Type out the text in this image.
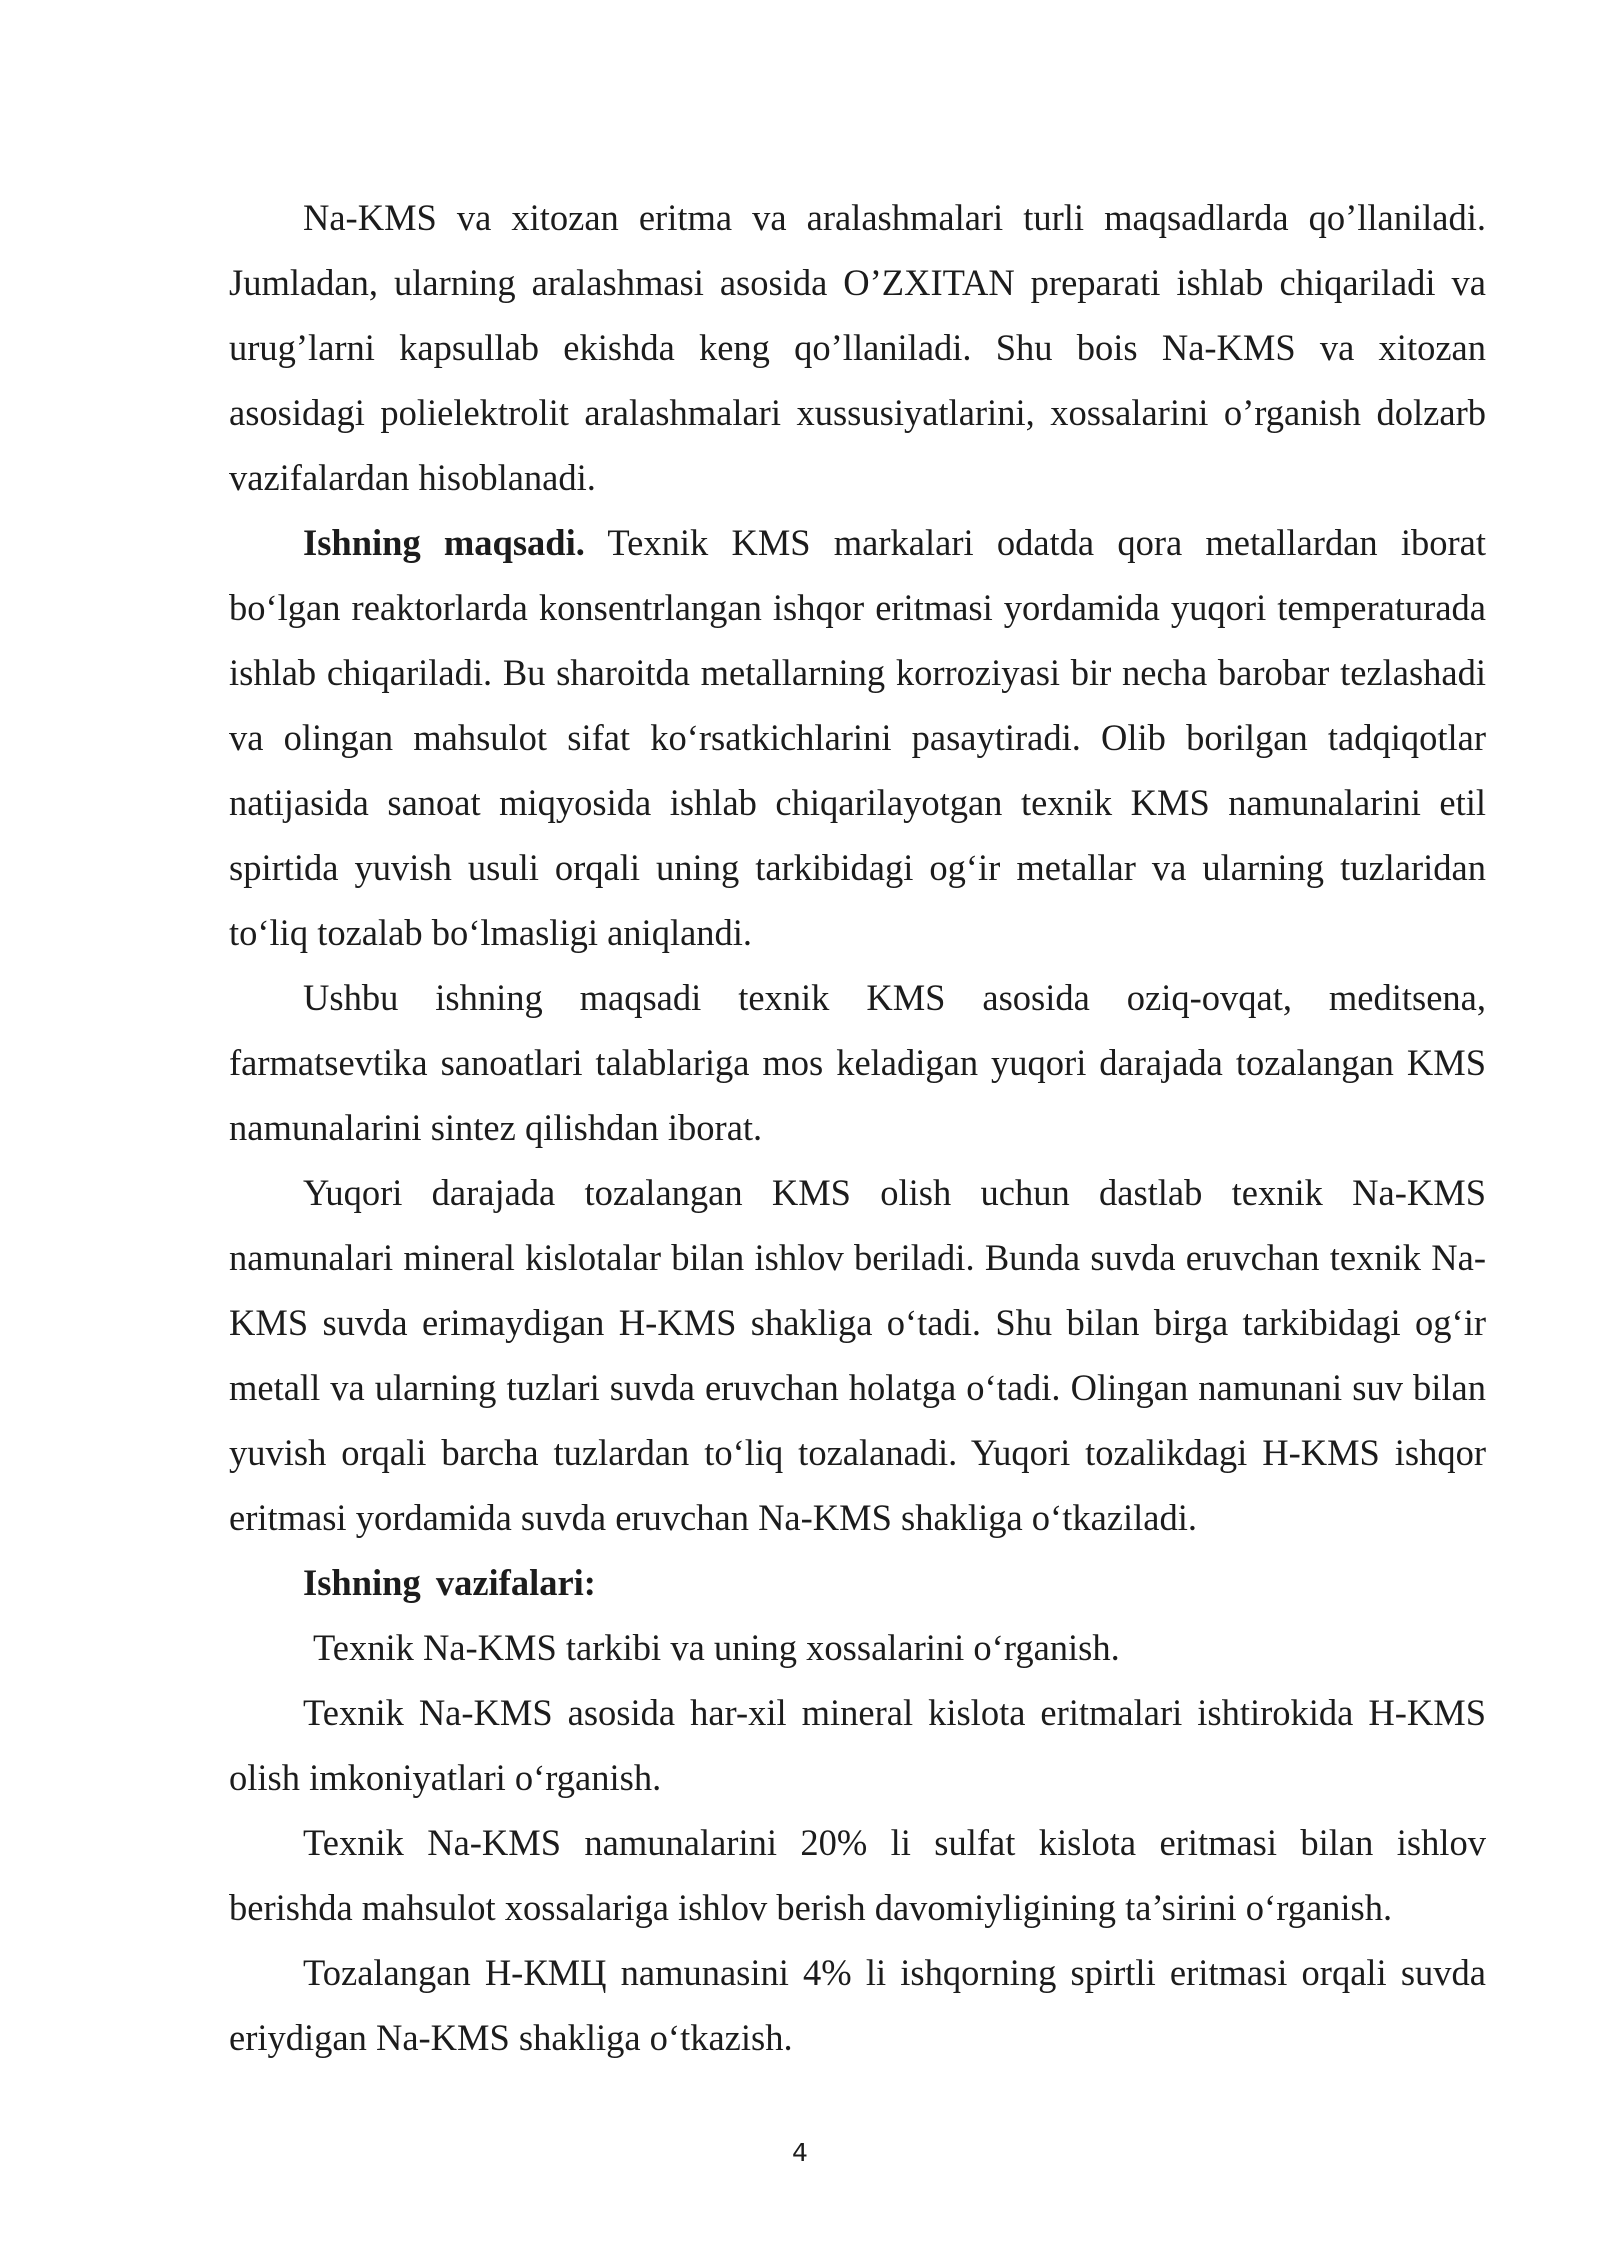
Na-KMS va xitozan eritma va aralashmalari turli maqsadlarda qo’llaniladi. Jumladan, ularning aralashmasi asosida O’ZXITAN preparati ishlab chiqariladi va urug’larni kapsullab ekishda keng qo’llaniladi. Shu bois Na-KMS va xitozan asosidagi polielektrolit aralashmalari xussusiyatlarini, xossalarini o’rganish dolzarb vazifalardan hisoblanadi.

Ishning maqsadi. Texnik KMS markalari odatda qora metallardan iborat bo‘lgan reaktorlarda konsentrlangan ishqor eritmasi yordamida yuqori temperaturada ishlab chiqariladi. Bu sharoitda metallarning korroziyasi bir necha barobar tezlashadi va olingan mahsulot sifat ko‘rsatkichlarini pasaytiradi. Olib borilgan tadqiqotlar natijasida sanoat miqyosida ishlab chiqarilayotgan texnik KMS namunalarini etil spirtida yuvish usuli orqali uning tarkibidagi og‘ir metallar va ularning tuzlaridan to‘liq tozalab bo‘lmasligi aniqlandi.

Ushbu ishning maqsadi texnik KMS asosida oziq-ovqat, meditsena, farmatsevtika sanoatlari talablariga mos keladigan yuqori darajada tozalangan KMS namunalarini sintez qilishdan iborat.

Yuqori darajada tozalangan KMS olish uchun dastlab texnik Na-KMS namunalari mineral kislotalar bilan ishlov beriladi. Bunda suvda eruvchan texnik Na-KMS suvda erimaydigan H-KMS shakliga o‘tadi. Shu bilan birga tarkibidagi og‘ir metall va ularning tuzlari suvda eruvchan holatga o‘tadi. Olingan namunani suv bilan yuvish orqali barcha tuzlardan to‘liq tozalanadi. Yuqori tozalikdagi H-KMS ishqor eritmasi yordamida suvda eruvchan Na-KMS shakliga o‘tkaziladi.

Ishning vazifalari:

Texnik Na-KMS tarkibi va uning xossalarini o‘rganish.

Texnik Na-KMS asosida har-xil mineral kislota eritmalari ishtirokida H-KMS olish imkoniyatlari o‘rganish.

Texnik Na-KMS namunalarini 20% li sulfat kislota eritmasi bilan ishlov berishda mahsulot xossalariga ishlov berish davomiyligining ta’sirini o‘rganish.

Tozalangan H-КМЦ namunasini 4% li ishqorning spirtli eritmasi orqali suvda eriydigan Na-KMS shakliga o‘tkazish.

4
